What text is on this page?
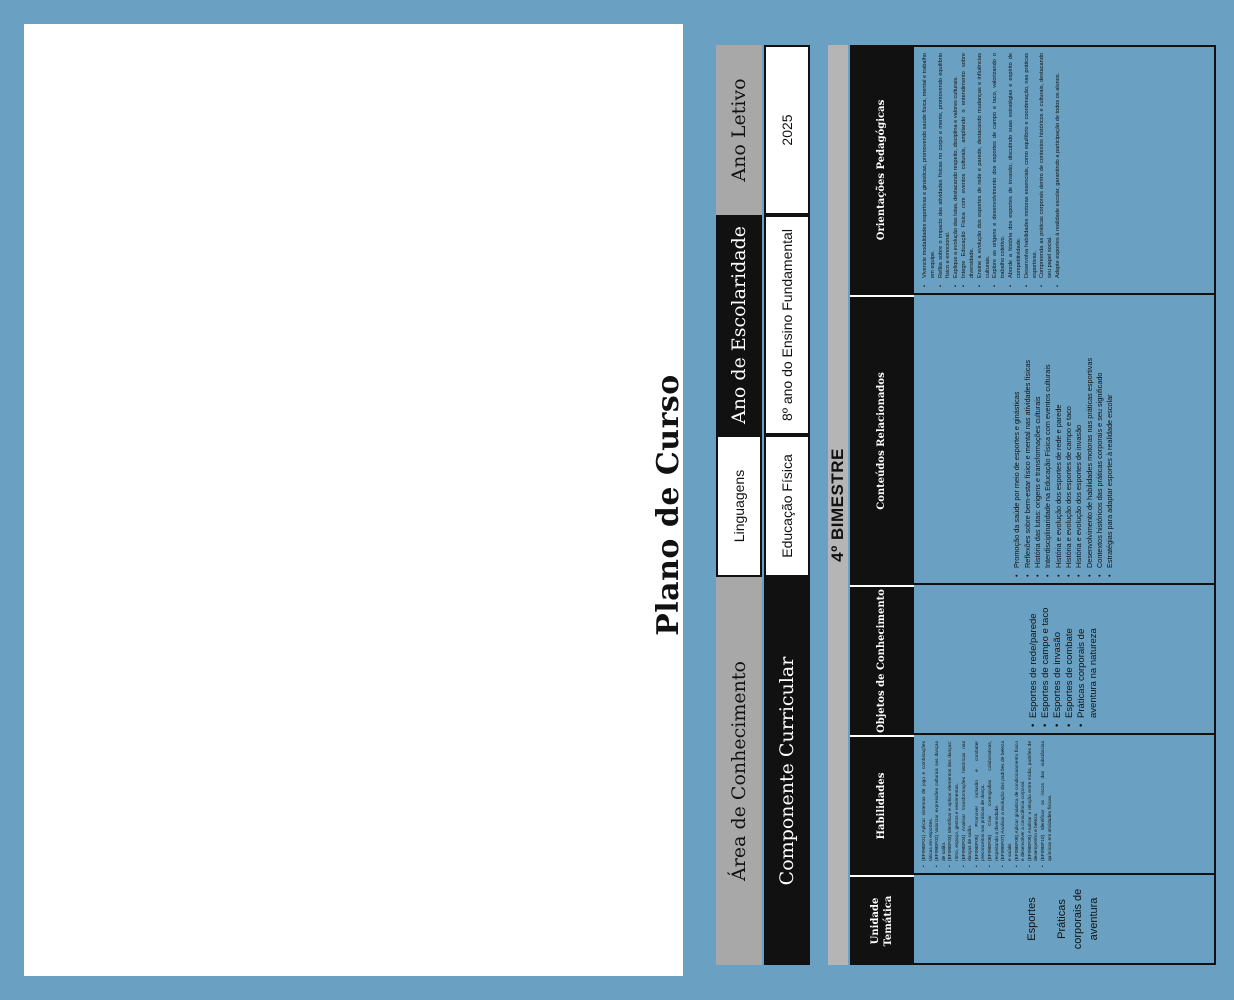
Plano de Curso
Área de Conhecimento
Linguagens
Ano de Escolaridade
Ano Letivo
Componente Curricular
Educação Física
8º ano do Ensino Fundamental
2025
4º BIMESTRE
Unidade Temática
Habilidades
Objetos de Conhecimento
Conteúdos Relacionados
Orientações Pedagógicas
Esportes Práticas corporais de aventura
• (EF09EF01) Aplicar sistemas de jogo e combinações táticas em esportes. • (EF09EF02) Valorizar expressões culturais nas danças de salão. • (EF09EF03) Identificar e aplicar elementos das danças: ritmo, espaço, gestos e vestimentas. • (EF09EF04) Analisar transformações históricas nas danças de salão. • (EF09EF05) Promover inclusão e combater preconceitos nas práticas de dança. • (EF09EF06) Criar coreografias colaborativas, respeitando a diversidade. • (EF09EF07) Analisar a evolução dos padrões de beleza e saúde. • (EF09EF08) Aplicar ginástica de condicionamento físico e desenvolver a consciência corporal. • (EF09EF09) Analisar a relação entre mídia, padrões de desempenho e beleza. • (EF09EF10) Identificar os riscos das substâncias químicas em atividades físicas.
• Esportes de rede/parede • Esportes de campo e taco • Esportes de invasão • Esportes de combate • Práticas corporais de aventura na natureza
• Promoção da saúde por meio de esportes e ginásticas • Reflexões sobre bem-estar físico e mental nas atividades físicas • História das lutas: origens e transformações culturais • Interdisciplinaridade na Educação Física com eventos culturais • História e evolução dos esportes de rede e parede • História e evolução dos esportes de campo e taco • História e evolução dos esportes de invasão • Desenvolvimento de habilidades motoras nas práticas esportivas • Contextos históricos das práticas corporais e seu significado • Estratégias para adaptar esportes à realidade escolar
• Vivencie modalidades esportivas e ginásticas, promovendo saúde física, mental e trabalho em equipe. • Reflita sobre o impacto das atividades físicas no corpo e mente, promovendo equilíbrio físico e emocional. • Explique a evolução das lutas, destacando respeito, disciplina e valores culturais. • Integre Educação Física com eventos culturais, ampliando o entendimento sobre diversidade. • Ensine a evolução dos esportes de rede e parede, destacando mudanças e influências culturais. • Explore as origens e desenvolvimento dos esportes de campo e taco, valorizando o trabalho coletivo. • Aborde a história dos esportes de invasão, discutindo suas estratégias e espírito de competitividade. • Desenvolva habilidades motoras essenciais, como equilíbrio e coordenação, nas práticas esportivas. • Compreenda as práticas corporais dentro de contextos históricos e culturais, destacando seu papel social. • Adapte esportes à realidade escolar, garantindo a participação de todos os alunos.
